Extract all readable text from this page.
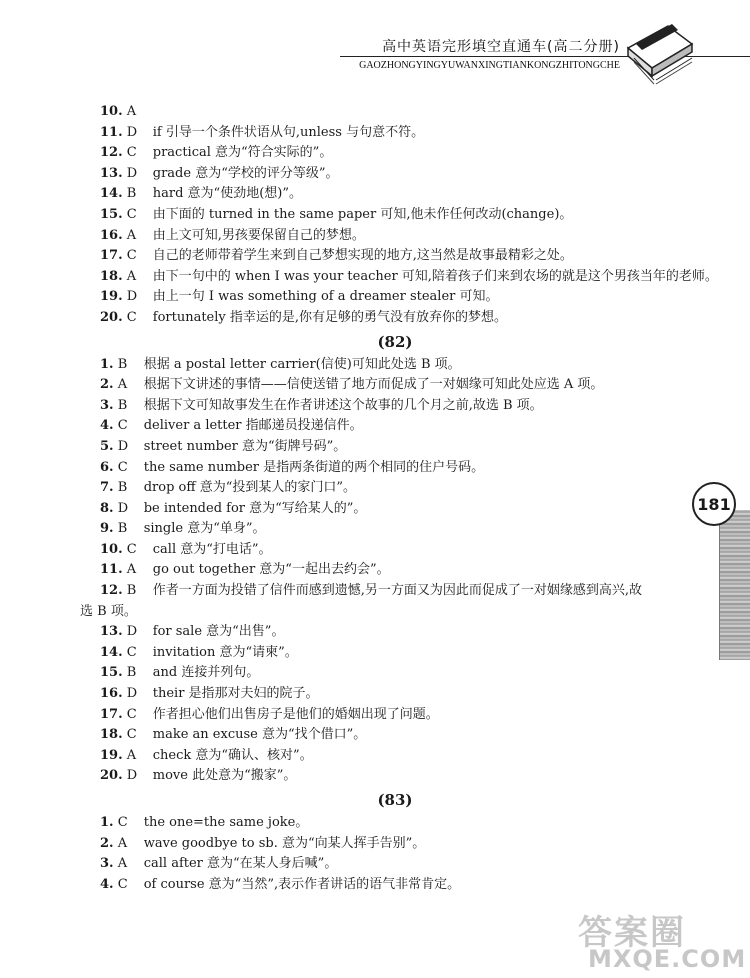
高中英语完形填空直通车(高二分册)
GAOZHONGYINGYUWANXINGTIANKONGZHITONGCHE
181
10. A
11. D if 引导一个条件状语从句,unless 与句意不符。
12. C practical 意为“符合实际的”。
13. D grade 意为“学校的评分等级”。
14. B hard 意为“使劲地(想)”。
15. C 由下面的 turned in the same paper 可知,他未作任何改动(change)。
16. A 由上文可知,男孩要保留自己的梦想。
17. C 自己的老师带着学生来到自己梦想实现的地方,这当然是故事最精彩之处。
18. A 由下一句中的 when I was your teacher 可知,陪着孩子们来到农场的就是这个男孩当年的老师。
19. D 由上一句 I was something of a dreamer stealer 可知。
20. C fortunately 指幸运的是,你有足够的勇气没有放弃你的梦想。
(82)
1. B 根据 a postal letter carrier(信使)可知此处选 B 项。
2. A 根据下文讲述的事情——信使送错了地方而促成了一对姻缘可知此处应选 A 项。
3. B 根据下文可知故事发生在作者讲述这个故事的几个月之前,故选 B 项。
4. C deliver a letter 指邮递员投递信件。
5. D street number 意为“街牌号码”。
6. C the same number 是指两条街道的两个相同的住户号码。
7. B drop off 意为“投到某人的家门口”。
8. D be intended for 意为“写给某人的”。
9. B single 意为“单身”。
10. C call 意为“打电话”。
11. A go out together 意为“一起出去约会”。
12. B 作者一方面为投错了信件而感到遗憾,另一方面又为因此而促成了一对姻缘感到高兴,故
选 B 项。
13. D for sale 意为“出售”。
14. C invitation 意为“请柬”。
15. B and 连接并列句。
16. D their 是指那对夫妇的院子。
17. C 作者担心他们出售房子是他们的婚姻出现了问题。
18. C make an excuse 意为“找个借口”。
19. A check 意为“确认、核对”。
20. D move 此处意为“搬家”。
(83)
1. C the one=the same joke。
2. A wave goodbye to sb. 意为“向某人挥手告别”。
3. A call after 意为“在某人身后喊”。
4. C of course 意为“当然”,表示作者讲话的语气非常肯定。
答案圈
MXQE.COM
